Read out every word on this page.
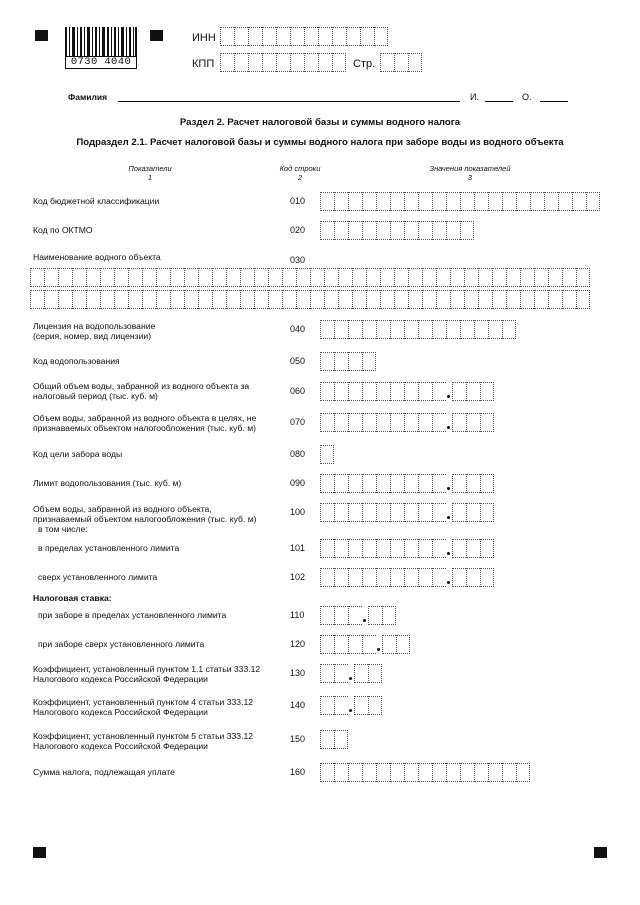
0730 4040
ИНН
КПП	Стр.
Фамилия	И.	О.
Раздел 2. Расчет налоговой базы и суммы водного налога
Подраздел 2.1. Расчет налоговой базы и суммы водного налога при заборе воды из водного объекта
Показатели
1
Код строки
2
Значения показателей
3
Код бюджетной классификации	010
Код по ОКТМО	020
Наименование водного объекта	030
Лицензия на водопользование
(серия, номер, вид лицензии)
040
Код водопользования	050
Общий объем воды, забранной из водного объекта за
налоговый период (тыс. куб. м)	060
Объем воды, забранной из водного объекта в целях, не
признаваемых объектом налогообложения (тыс. куб. м)
070
Код цели забора воды	080
Лимит водопользования (тыс. куб. м)	090
Объем воды, забранной из водного объекта,
признаваемый объектом налогообложения (тыс. куб. м)
в том числе:
100
в пределах установленного лимита	101
сверх установленного лимита	102
Налоговая ставка:
при заборе в пределах установленного лимита	110
при заборе сверх установленного лимита	120
Коэффициент, установленный пунктом 1.1 статьи 333.12
Налогового кодекса Российской Федерации
130
Коэффициент, установленный пунктом 4 статьи 333.12
Налогового кодекса Российской Федерации
140
Коэффициент, установленный пунктом 5 статьи 333.12
Налогового кодекса Российской Федерации
150
Сумма налога, подлежащая уплате	160
